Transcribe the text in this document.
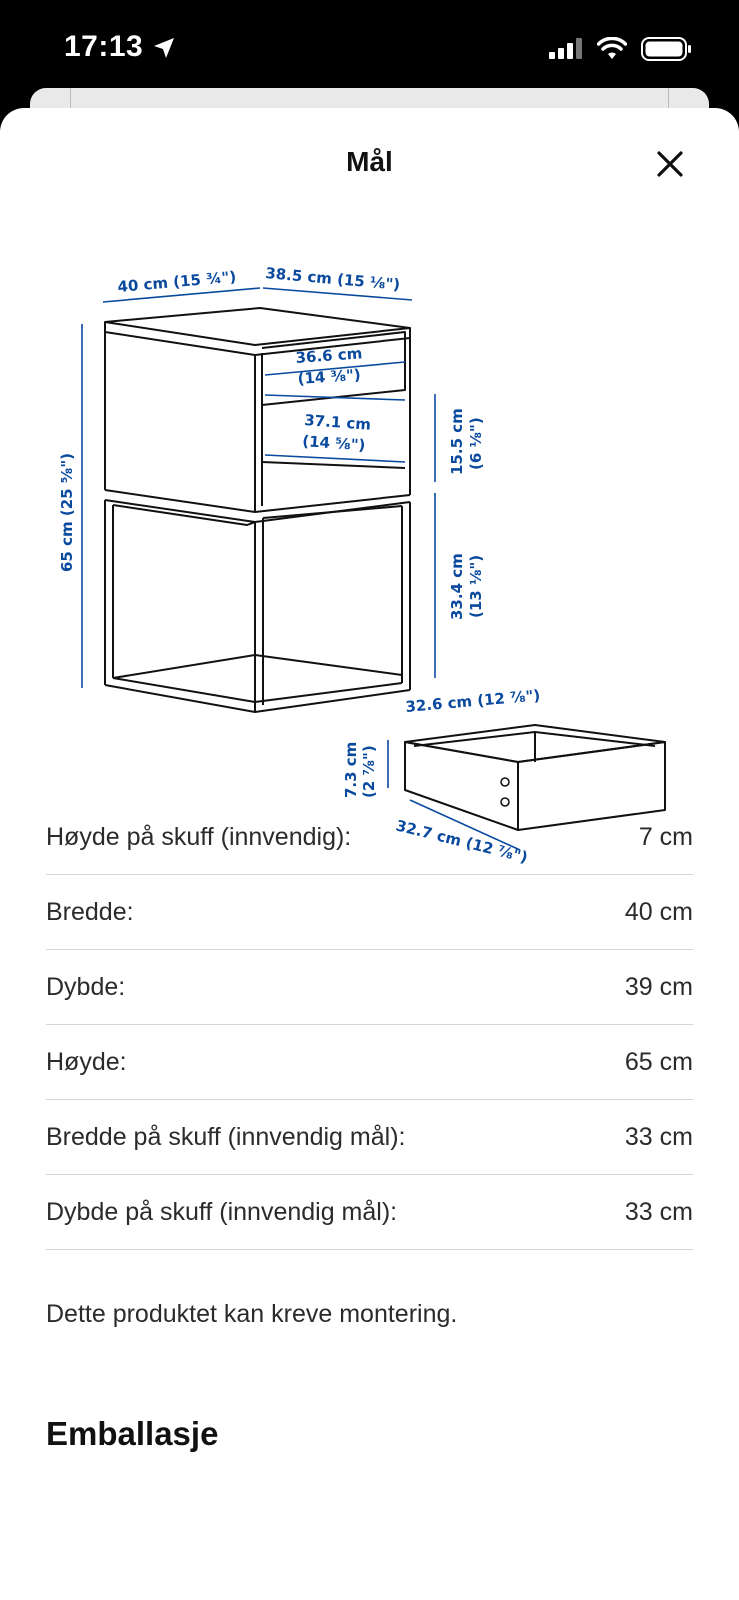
17:13
Mål
40 cm (15 ¾") 38.5 cm (15 ⅛")
36.6 cm
(14 ⅜")
37.1 cm
(14 ⅝")	15.5 cm (6 ⅛")
65 cm (25 ⅝")
33.4 cm (13 ⅛")
32.6 cm (12 ⅞")
7.3 cm (2 ⅞")
32.7 cm (12 ⅞")
Høyde på skuff (innvendig):	7 cm
Bredde:	40 cm
Dybde:	39 cm
Høyde:	65 cm
Bredde på skuff (innvendig mål):	33 cm
Dybde på skuff (innvendig mål):	33 cm
Dette produktet kan kreve montering.
Emballasje
